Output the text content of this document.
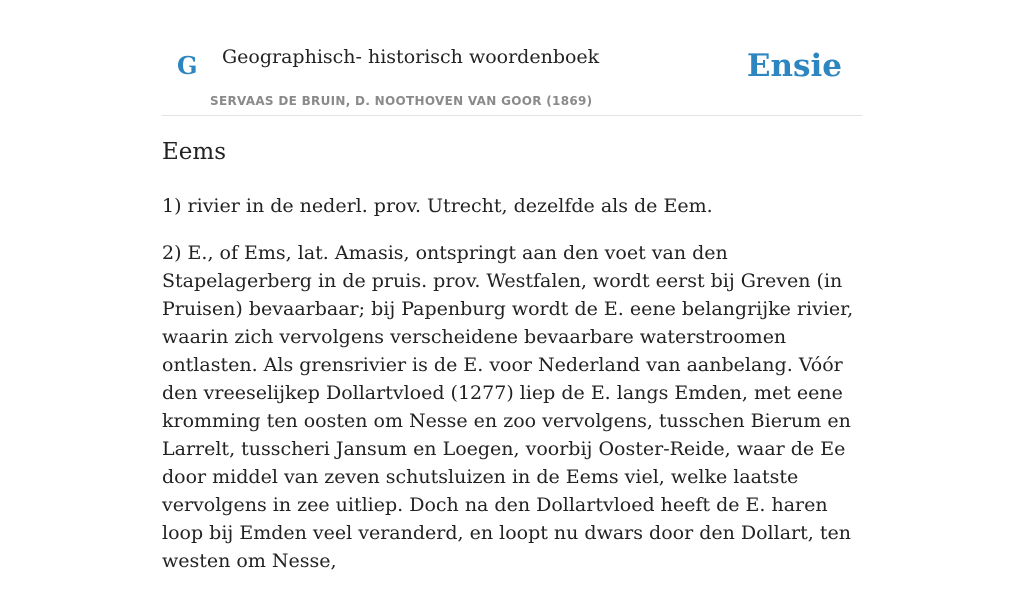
G Geographisch- historisch woordenboek
SERVAAS DE BRUIN, D. NOOTHOVEN VAN GOOR (1869)
Ensie
Eems

1) rivier in de nederl. prov. Utrecht, dezelfde als de Eem.

2) E., of Ems, lat. Amasis, ontspringt aan den voet van den Stapelagerberg in de pruis. prov. Westfalen, wordt eerst bij Greven (in Pruisen) bevaarbaar; bij Papenburg wordt de E. eene belangrijke rivier, waarin zich vervolgens verscheidene bevaarbare waterstroomen ontlasten. Als grensrivier is de E. voor Nederland van aanbelang. Vóór den vreeselijkep Dollartvloed (1277) liep de E. langs Emden, met eene kromming ten oosten om Nesse en zoo vervolgens, tusschen Bierum en Larrelt, tusscheri Jansum en Loegen, voorbij Ooster-Reide, waar de Ee door middel van zeven schutsluizen in de Eems viel, welke laatste vervolgens in zee uitliep. Doch na den Dollartvloed heeft de E. haren loop bij Emden veel veranderd, en loopt nu dwars door den Dollart, ten westen om Nesse,
